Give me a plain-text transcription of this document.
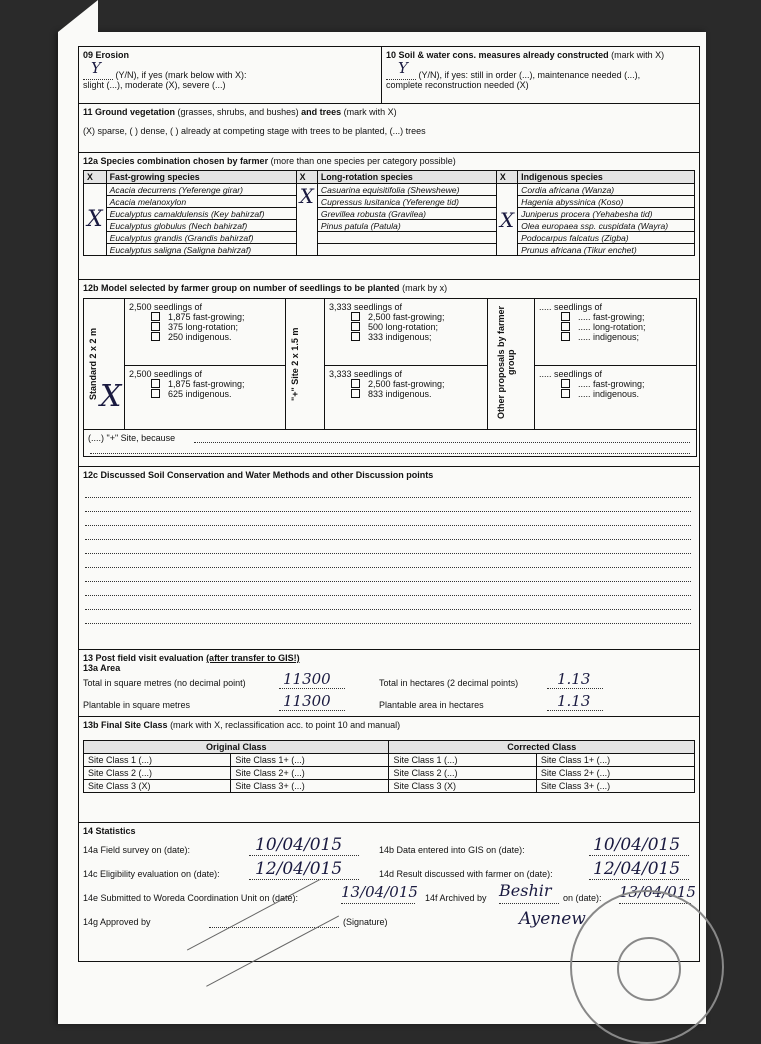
09 Erosion
Y (Y/N), if yes (mark below with X):
slight (...), moderate (X), severe (...)
10 Soil & water cons. measures already constructed (mark with X)
Y (Y/N), if yes: still in order (...), maintenance needed (...),
complete reconstruction needed (X)
11 Ground vegetation (grasses, shrubs, and bushes) and trees (mark with X)
(X) sparse, ( ) dense, ( ) already at competing stage with trees to be planted, (...) trees
12a Species combination chosen by farmer (more than one species per category possible)
X	Fast-growing species	X	Long-rotation species	X	Indigenous species
X	Acacia decurrens (Yeferenge girar)	X	Casuarina equisitifolia (Shewshewe)	X	Cordia africana (Wanza)
	Acacia melanoxylon		Cupressus lusitanica (Yeferenge tid)		Hagenia abyssinica (Koso)
	Eucalyptus camaldulensis (Key bahirzaf)		Grevillea robusta (Gravilea)		Juniperus procera (Yehabesha tid)
	Eucalyptus globulus (Nech bahirzaf)		Pinus patula (Patula)		Olea europaea ssp. cuspidata (Wayra)
	Eucalyptus grandis (Grandis bahirzaf)				Podocarpus falcatus (Zigba)
	Eucalyptus saligna (Saligna bahirzaf)				Prunus africana (Tikur enchet)
12b Model selected by farmer group on number of seedlings to be planted (mark by x)
Standard 2 x 2 m
2,500 seedlings of
1,875 fast-growing;
375 long-rotation;
250 indigenous.
2,500 seedlings of
1,875 fast-growing;
625 indigenous.
X	"+" Site 2 x 1.5 m
3,333 seedlings of
2,500 fast-growing;
500 long-rotation;
333 indigenous;
3,333 seedlings of
2,500 fast-growing;
833 indigenous.	Other proposals by farmer group
..... seedlings of
..... fast-growing;
..... long-rotation;
..... indigenous;
..... seedlings of
..... fast-growing;
..... indigenous.
(....) "+" Site, because
12c Discussed Soil Conservation and Water Methods and other Discussion points
13 Post field visit evaluation (after transfer to GIS!)
13a Area
Total in square metres (no decimal point) 11300	Total in hectares (2 decimal points)	1.13
Plantable in square metres	11300	Plantable area in hectares	1.13
13b Final Site Class (mark with X, reclassification acc. to point 10 and manual)
Original Class		Corrected Class	
Site Class 1 (...)	Site Class 1+ (...)	Site Class 1 (...)	Site Class 1+ (...)
Site Class 2 (...)	Site Class 2+ (...)	Site Class 2 (...)	Site Class 2+ (...)
Site Class 3 (X)	Site Class 3+ (...)	Site Class 3 (X)	Site Class 3+ (...)
14 Statistics
14a Field survey on (date):	10/04/015	14b Data entered into GIS on (date):	10/04/015
14c Eligibility evaluation on (date): 12/04/015	14d Result discussed with farmer on (date): 12/04/015
14e Submitted to Woreda Coordination Unit on (date):	13/04/015 14f Archived by Beshir on (date): 13/04/015
14g Approved by	(Signature)	Ayenew
